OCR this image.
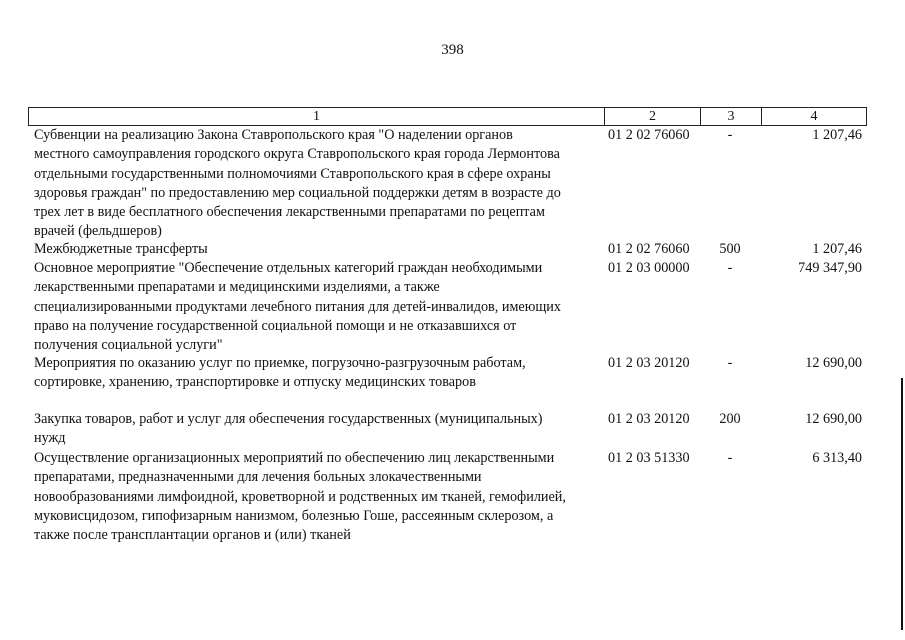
398
1	2	3	4
Субвенции на реализацию Закона Ставропольского края "О наделении органов
местного самоуправления городского округа Ставропольского края города Лермонтова
отдельными государственными полномочиями Ставропольского края в сфере охраны
здоровья граждан" по предоставлению мер социальной поддержки детям в возрасте до
трех лет в виде бесплатного обеспечения лекарственными препаратами по рецептам
врачей (фельдшеров)
01 2 02 76060	-	1 207,46
Межбюджетные трансферты	01 2 02 76060	500	1 207,46
Основное мероприятие "Обеспечение отдельных категорий граждан необходимыми
лекарственными препаратами и медицинскими изделиями, а также
специализированными продуктами лечебного питания для детей-инвалидов, имеющих
право на получение государственной социальной помощи и не отказавшихся от
получения социальной услуги"
01 2 03 00000	-	749 347,90
Мероприятия по оказанию услуг по приемке, погрузочно-разгрузочным работам,
сортировке, хранению, транспортировке и отпуску медицинских товаров
01 2 03 20120	-	12 690,00
Закупка товаров, работ и услуг для обеспечения государственных (муниципальных)
нужд
01 2 03 20120	200	12 690,00
Осуществление организационных мероприятий по обеспечению лиц лекарственными
препаратами, предназначенными для лечения больных злокачественными
новообразованиями лимфоидной, кроветворной и родственных им тканей, гемофилией,
муковисцидозом, гипофизарным нанизмом, болезнью Гоше, рассеянным склерозом, а
также после трансплантации органов и (или) тканей
01 2 03 51330	-	6 313,40
